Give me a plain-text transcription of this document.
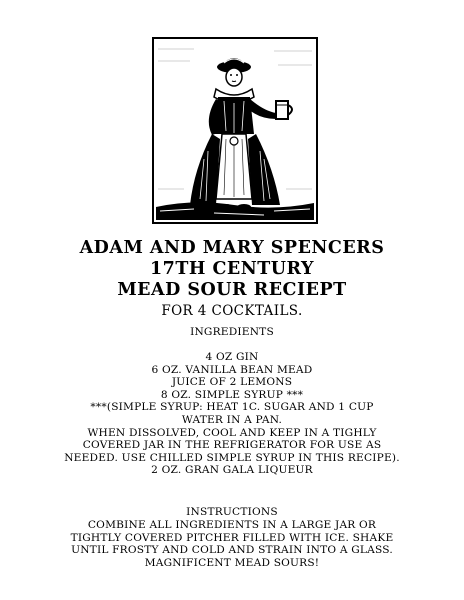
ADAM AND MARY SPENCERS
17TH CENTURY
MEAD SOUR RECIEPT
FOR 4 COCKTAILS.
INGREDIENTS
4 OZ GIN
6 OZ. VANILLA BEAN MEAD
JUICE OF 2 LEMONS
8 OZ. SIMPLE SYRUP ***
***(SIMPLE SYRUP: HEAT 1C. SUGAR AND 1 CUP
WATER IN A PAN.
WHEN DISSOLVED, COOL AND KEEP IN A TIGHLY
COVERED JAR IN THE REFRIGERATOR FOR USE AS
NEEDED. USE CHILLED SIMPLE SYRUP IN THIS RECIPE).
2 OZ. GRAN GALA LIQUEUR
INSTRUCTIONS
COMBINE ALL INGREDIENTS IN A LARGE JAR OR
TIGHTLY COVERED PITCHER FILLED WITH ICE. SHAKE
UNTIL FROSTY AND COLD AND STRAIN INTO A GLASS.
MAGNIFICENT MEAD SOURS!
